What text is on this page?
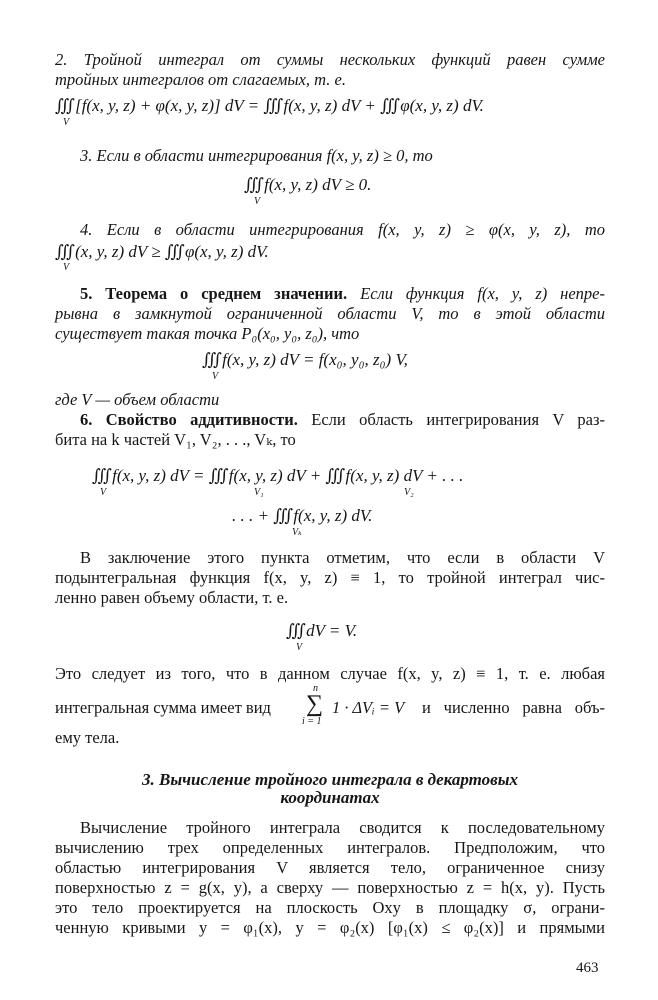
2. Тройной интеграл от суммы нескольких функций равен сумме
тройных интегралов от слагаемых, т. е.
∭[f(x, y, z) + φ(x, y, z)] dV = ∭f(x, y, z) dV + ∭φ(x, y, z) dV.
V
3. Если в области интегрирования f(x, y, z) ≥ 0, то
∭f(x, y, z) dV ≥ 0.
V
4. Если в области интегрирования f(x, y, z) ≥ φ(x, y, z), то
∭(x, y, z) dV ≥ ∭φ(x, y, z) dV.
V
5. Теорема о среднем значении. Если функция f(x, y, z) непре-
рывна в замкнутой ограниченной области V, то в этой области
существует такая точка P₀(x₀, y₀, z₀), что
∭f(x, y, z) dV = f(x₀, y₀, z₀) V,
V
где V — объем области
6. Свойство аддитивности. Если область интегрирования V раз-
бита на k частей V₁, V₂, . . ., Vₖ, то
∭f(x, y, z) dV = ∭f(x, y, z) dV + ∭f(x, y, z) dV + . . .
V	V₁	V₂
. . . + ∭f(x, y, z) dV.
Vₖ
В заключение этого пункта отметим, что если в области V
подынтегральная функция f(x, y, z) ≡ 1, то тройной интеграл чис-
ленно равен объему области, т. е.
∭dV = V.
V
Это следует из того, что в данном случае f(x, y, z) ≡ 1, т. е. любая
интегральная сумма имеет вид
n
∑
i = 1
1 · ΔVᵢ = V и численно равна объ-
ему тела.
3. Вычисление тройного интеграла в декартовых
координатах
Вычисление тройного интеграла сводится к последовательному
вычислению трех определенных интегралов. Предположим, что
областью интегрирования V является тело, ограниченное снизу
поверхностью z = g(x, y), а сверху — поверхностью z = h(x, y). Пусть
это тело проектируется на плоскость Oxy в площадку σ, ограни-
ченную кривыми y = φ₁(x), y = φ₂(x) [φ₁(x) ≤ φ₂(x)] и прямыми
463
